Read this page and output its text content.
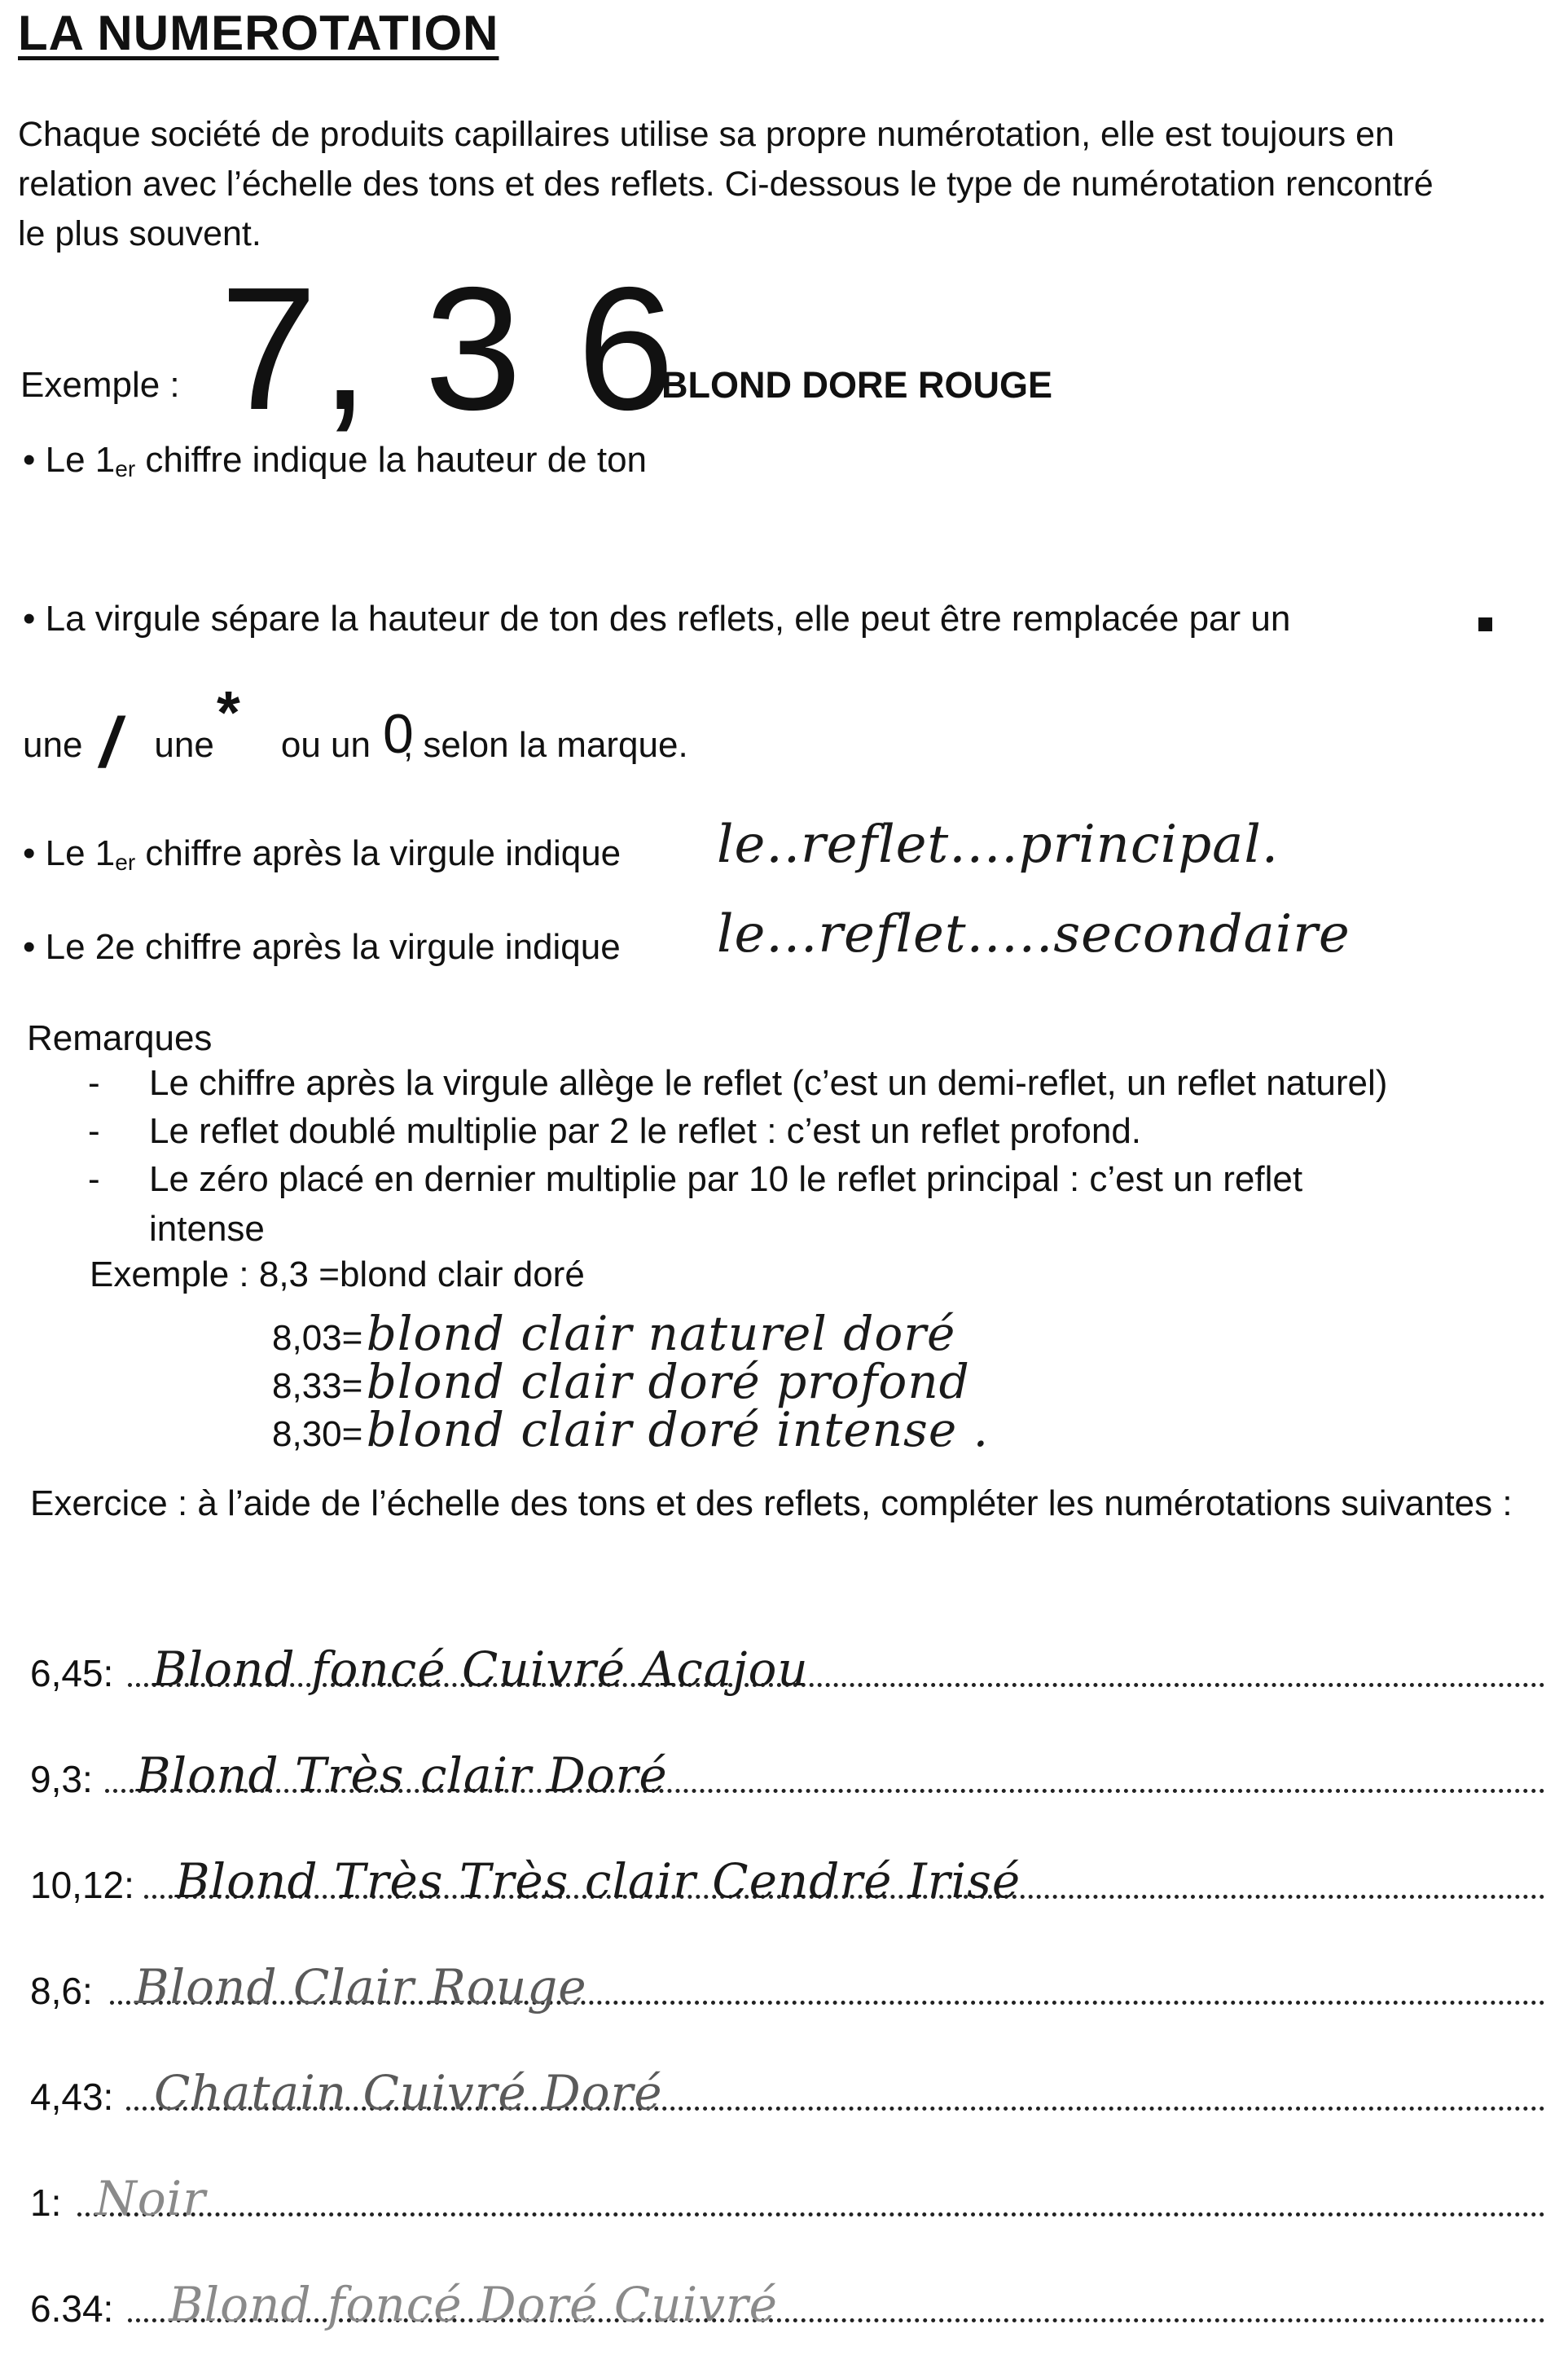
LA NUMEROTATION
Chaque société de produits capillaires utilise sa propre numérotation, elle est toujours en relation avec l’échelle des tons et des reflets. Ci-dessous le type de numérotation rencontré le plus souvent.
Exemple : 7, 3 6
BLOND DORE ROUGE
• Le $1_{er}$ chiffre indique la hauteur de ton
• La virgule sépare la hauteur de ton des reflets, elle peut être remplacée par un
une une ou un , selon la marque.
/ *	0
• Le $1_{er}$ chiffre après la virgule indique le..reflet....principal.
• Le 2e chiffre après la virgule indique le...reflet.....secondaire
Remarques
- Le chiffre après la virgule allège le reflet (c’est un demi-reflet, un reflet naturel)
- Le reflet doublé multiplie par 2 le reflet : c’est un reflet profond.
- Le zéro placé en dernier multiplie par 10 le reflet principal : c’est un reflet
intense
Exemple : 8,3 =blond clair doré
8,03= blond clair naturel doré
8,33= blond clair doré profond
8,30= blond clair doré intense .
Exercice : à l’aide de l’échelle des tons et des reflets, compléter les numérotations suivantes :
6,45: Blond foncé Cuivré Acajou
9,3: Blond Très clair Doré
10,12: Blond Très Très clair Cendré Irisé
8,6: Blond Clair Rouge
4,43: Chatain Cuivré Doré
1: Noir
6.34: Blond foncé Doré Cuivré
